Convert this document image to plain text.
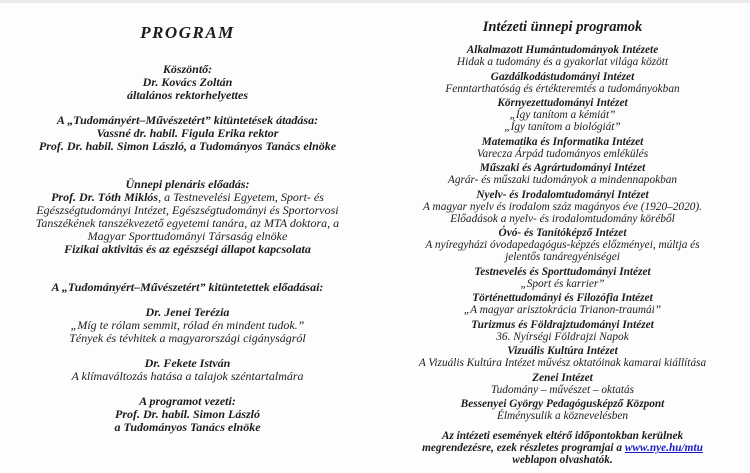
PROGRAM
Köszöntő:
Dr. Kovács Zoltán
általános rektorhelyettes
A „Tudományért–Művészetért” kitüntetések átadása:
Vassné dr. habil. Figula Erika rektor
Prof. Dr. habil. Simon László, a Tudományos Tanács elnöke
Ünnepi plenáris előadás:
Prof. Dr. Tóth Miklós, a Testnevelési Egyetem, Sport- és
Egészségtudományi Intézet, Egészségtudományi és Sportorvosi
Tanszékének tanszékvezető egyetemi tanára, az MTA doktora, a
Magyar Sporttudományi Társaság elnöke
Fizikai aktivitás és az egészségi állapot kapcsolata
A „Tudományért–Művészetért” kitüntetettek előadásai:
Dr. Jenei Terézia
„Míg te rólam semmit, rólad én mindent tudok.”
Tények és tévhitek a magyarországi cigányságról
Dr. Fekete István
A klímaváltozás hatása a talajok széntartalmára
A programot vezeti:
Prof. Dr. habil. Simon László
a Tudományos Tanács elnöke
Intézeti ünnepi programok
Alkalmazott Humántudományok Intézete
Hidak a tudomány és a gyakorlat világa között
Gazdálkodástudományi Intézet
Fenntarthatóság és értékteremtés a tudományokban
Környezettudományi Intézet
„Így tanítom a kémiát”
„Így tanítom a biológiát”
Matematika és Informatika Intézet
Varecza Árpád tudományos emlékülés
Műszaki és Agrártudományi Intézet
Agrár- és műszaki tudományok a mindennapokban
Nyelv- és Irodalomtudományi Intézet
A magyar nyelv és irodalom száz magányos éve (1920–2020).
Előadások a nyelv- és irodalomtudomány köréből
Óvó- és Tanítóképző Intézet
A nyíregyházi óvodapedagógus-képzés előzményei, múltja és
jelentős tanáregyéniségei
Testnevelés és Sporttudományi Intézet
„Sport és karrier”
Történettudományi és Filozófia Intézet
„A magyar arisztokrácia Trianon-traumái”
Turizmus és Földrajztudományi Intézet
36. Nyírségi Földrajzi Napok
Vizuális Kultúra Intézet
A Vizuális Kultúra Intézet művész oktatóinak kamarai kiállítása
Zenei Intézet
Tudomány – művészet – oktatás
Bessenyei György Pedagógusképző Központ
Élménysulik a köznevelésben
Az intézeti események eltérő időpontokban kerülnek
megrendezésre, ezek részletes programjai a www.nye.hu/mtu
weblapon olvashatók.
